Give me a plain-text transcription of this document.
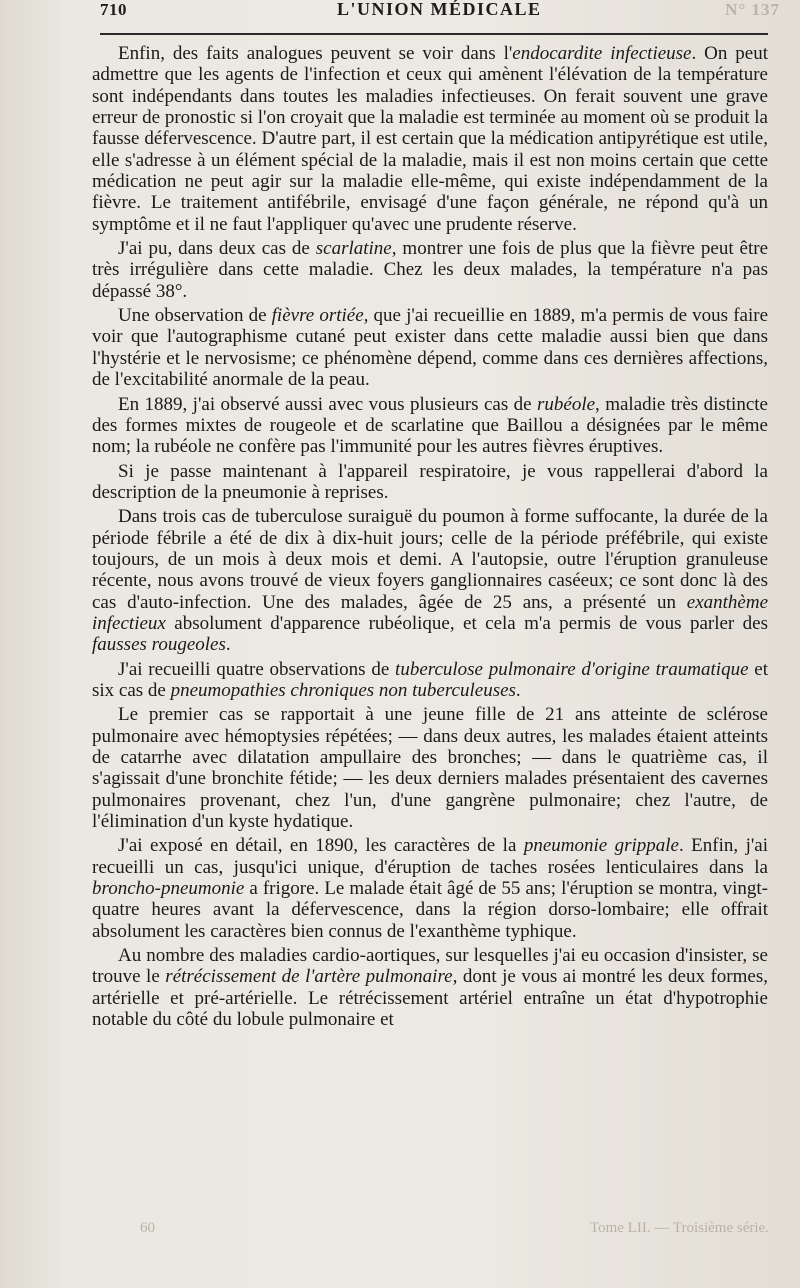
710	L'UNION MÉDICALE	N° 137

Enfin, des faits analogues peuvent se voir dans l'endocardite infectieuse. On peut admettre que les agents de l'infection et ceux qui amènent l'élévation de la température sont indépendants dans toutes les maladies infectieuses. On ferait souvent une grave erreur de pronostic si l'on croyait que la maladie est terminée au moment où se produit la fausse défervescence. D'autre part, il est certain que la médication antipyrétique est utile, elle s'adresse à un élément spécial de la maladie, mais il est non moins certain que cette médication ne peut agir sur la maladie elle-même, qui existe indépendamment de la fièvre. Le traitement antifébrile, envisagé d'une façon générale, ne répond qu'à un symptôme et il ne faut l'appliquer qu'avec une prudente réserve.

J'ai pu, dans deux cas de scarlatine, montrer une fois de plus que la fièvre peut être très irrégulière dans cette maladie. Chez les deux malades, la température n'a pas dépassé 38°.

Une observation de fièvre ortiée, que j'ai recueillie en 1889, m'a permis de vous faire voir que l'autographisme cutané peut exister dans cette maladie aussi bien que dans l'hystérie et le nervosisme; ce phénomène dépend, comme dans ces dernières affections, de l'excitabilité anormale de la peau.

En 1889, j'ai observé aussi avec vous plusieurs cas de rubéole, maladie très distincte des formes mixtes de rougeole et de scarlatine que Baillou a désignées par le même nom; la rubéole ne confère pas l'immunité pour les autres fièvres éruptives.

Si je passe maintenant à l'appareil respiratoire, je vous rappellerai d'abord la description de la pneumonie à reprises.

Dans trois cas de tuberculose suraiguë du poumon à forme suffocante, la durée de la période fébrile a été de dix à dix-huit jours; celle de la période préfébrile, qui existe toujours, de un mois à deux mois et demi. A l'autopsie, outre l'éruption granuleuse récente, nous avons trouvé de vieux foyers ganglionnaires caséeux; ce sont donc là des cas d'auto-infection. Une des malades, âgée de 25 ans, a présenté un exanthème infectieux absolument d'apparence rubéolique, et cela m'a permis de vous parler des fausses rougeoles.

J'ai recueilli quatre observations de tuberculose pulmonaire d'origine traumatique et six cas de pneumopathies chroniques non tuberculeuses.

Le premier cas se rapportait à une jeune fille de 21 ans atteinte de sclérose pulmonaire avec hémoptysies répétées; — dans deux autres, les malades étaient atteints de catarrhe avec dilatation ampullaire des bronches; — dans le quatrième cas, il s'agissait d'une bronchite fétide; — les deux derniers malades présentaient des cavernes pulmonaires provenant, chez l'un, d'une gangrène pulmonaire; chez l'autre, de l'élimination d'un kyste hydatique.

J'ai exposé en détail, en 1890, les caractères de la pneumonie grippale. Enfin, j'ai recueilli un cas, jusqu'ici unique, d'éruption de taches rosées lenticulaires dans la broncho-pneumonie a frigore. Le malade était âgé de 55 ans; l'éruption se montra, vingt-quatre heures avant la défervescence, dans la région dorso-lombaire; elle offrait absolument les caractères bien connus de l'exanthème typhique.

Au nombre des maladies cardio-aortiques, sur lesquelles j'ai eu occasion d'insister, se trouve le rétrécissement de l'artère pulmonaire, dont je vous ai montré les deux formes, artérielle et pré-artérielle. Le rétrécissement artériel entraîne un état d'hypotrophie notable du côté du lobule pulmonaire et

60	Tome LII. — Troisième série.
